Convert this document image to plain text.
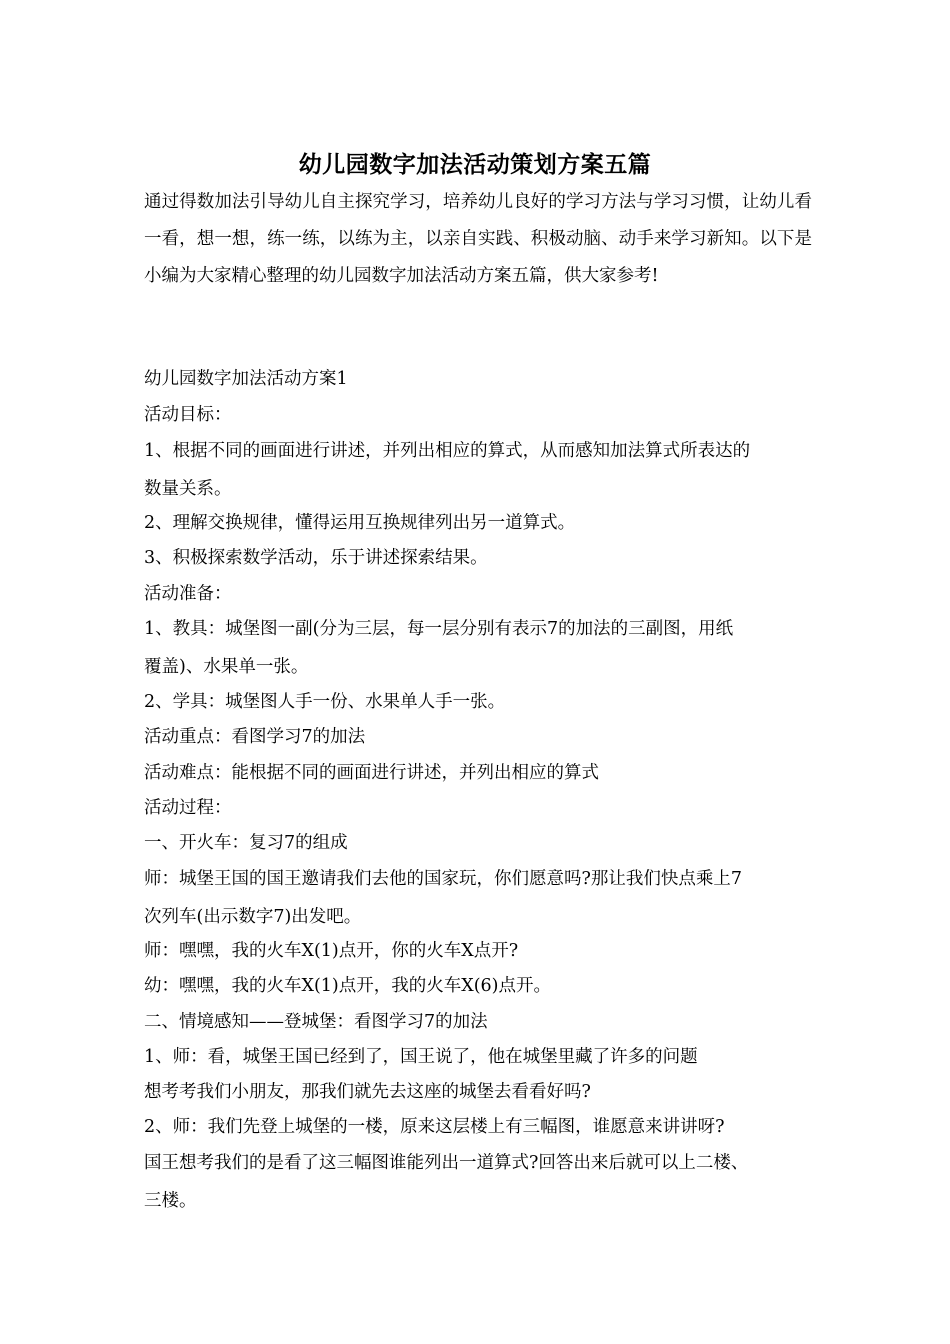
幼儿园数字加法活动策划方案五篇

通过得数加法引导幼儿自主探究学习，培养幼儿良好的学习方法与学习习惯，让幼儿看一看，想一想，练一练，以练为主，以亲自实践、积极动脑、动手来学习新知。以下是小编为大家精心整理的幼儿园数字加法活动方案五篇，供大家参考!

幼儿园数字加法活动方案1
活动目标：
1、根据不同的画面进行讲述，并列出相应的算式，从而感知加法算式所表达的
数量关系。
2、理解交换规律，懂得运用互换规律列出另一道算式。
3、积极探索数学活动，乐于讲述探索结果。
活动准备：
1、教具：城堡图一副(分为三层，每一层分别有表示7的加法的三副图，用纸
覆盖)、水果单一张。
2、学具：城堡图人手一份、水果单人手一张。
活动重点：看图学习7的加法
活动难点：能根据不同的画面进行讲述，并列出相应的算式
活动过程：
一、开火车：复习7的组成
师：城堡王国的国王邀请我们去他的国家玩，你们愿意吗?那让我们快点乘上7
次列车(出示数字7)出发吧。
师：嘿嘿，我的火车X(1)点开，你的火车X点开?
幼：嘿嘿，我的火车X(1)点开，我的火车X(6)点开。
二、情境感知——登城堡：看图学习7的加法
1、师：看，城堡王国已经到了，国王说了，他在城堡里藏了许多的问题
想考考我们小朋友，那我们就先去这座的城堡去看看好吗?
2、师：我们先登上城堡的一楼，原来这层楼上有三幅图，谁愿意来讲讲呀?
国王想考我们的是看了这三幅图谁能列出一道算式?回答出来后就可以上二楼、
三楼。
